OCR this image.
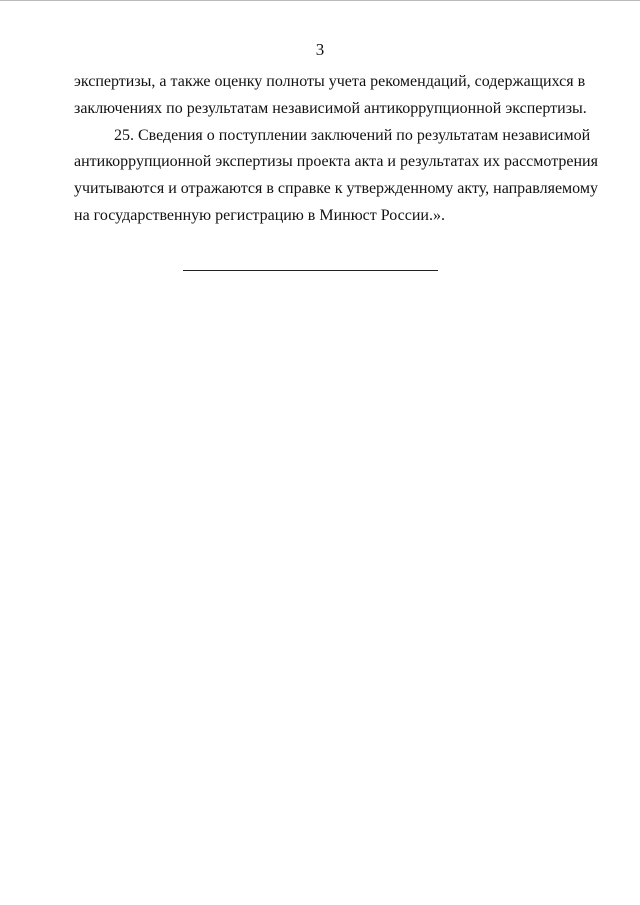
3
экспертизы, а также оценку полноты учета рекомендаций, содержащихся в
заключениях по результатам независимой антикоррупционной экспертизы.
25. Сведения о поступлении заключений по результатам независимой
антикоррупционной экспертизы проекта акта и результатах их рассмотрения
учитываются и отражаются в справке к утвержденному акту, направляемому
на государственную регистрацию в Минюст России.».
